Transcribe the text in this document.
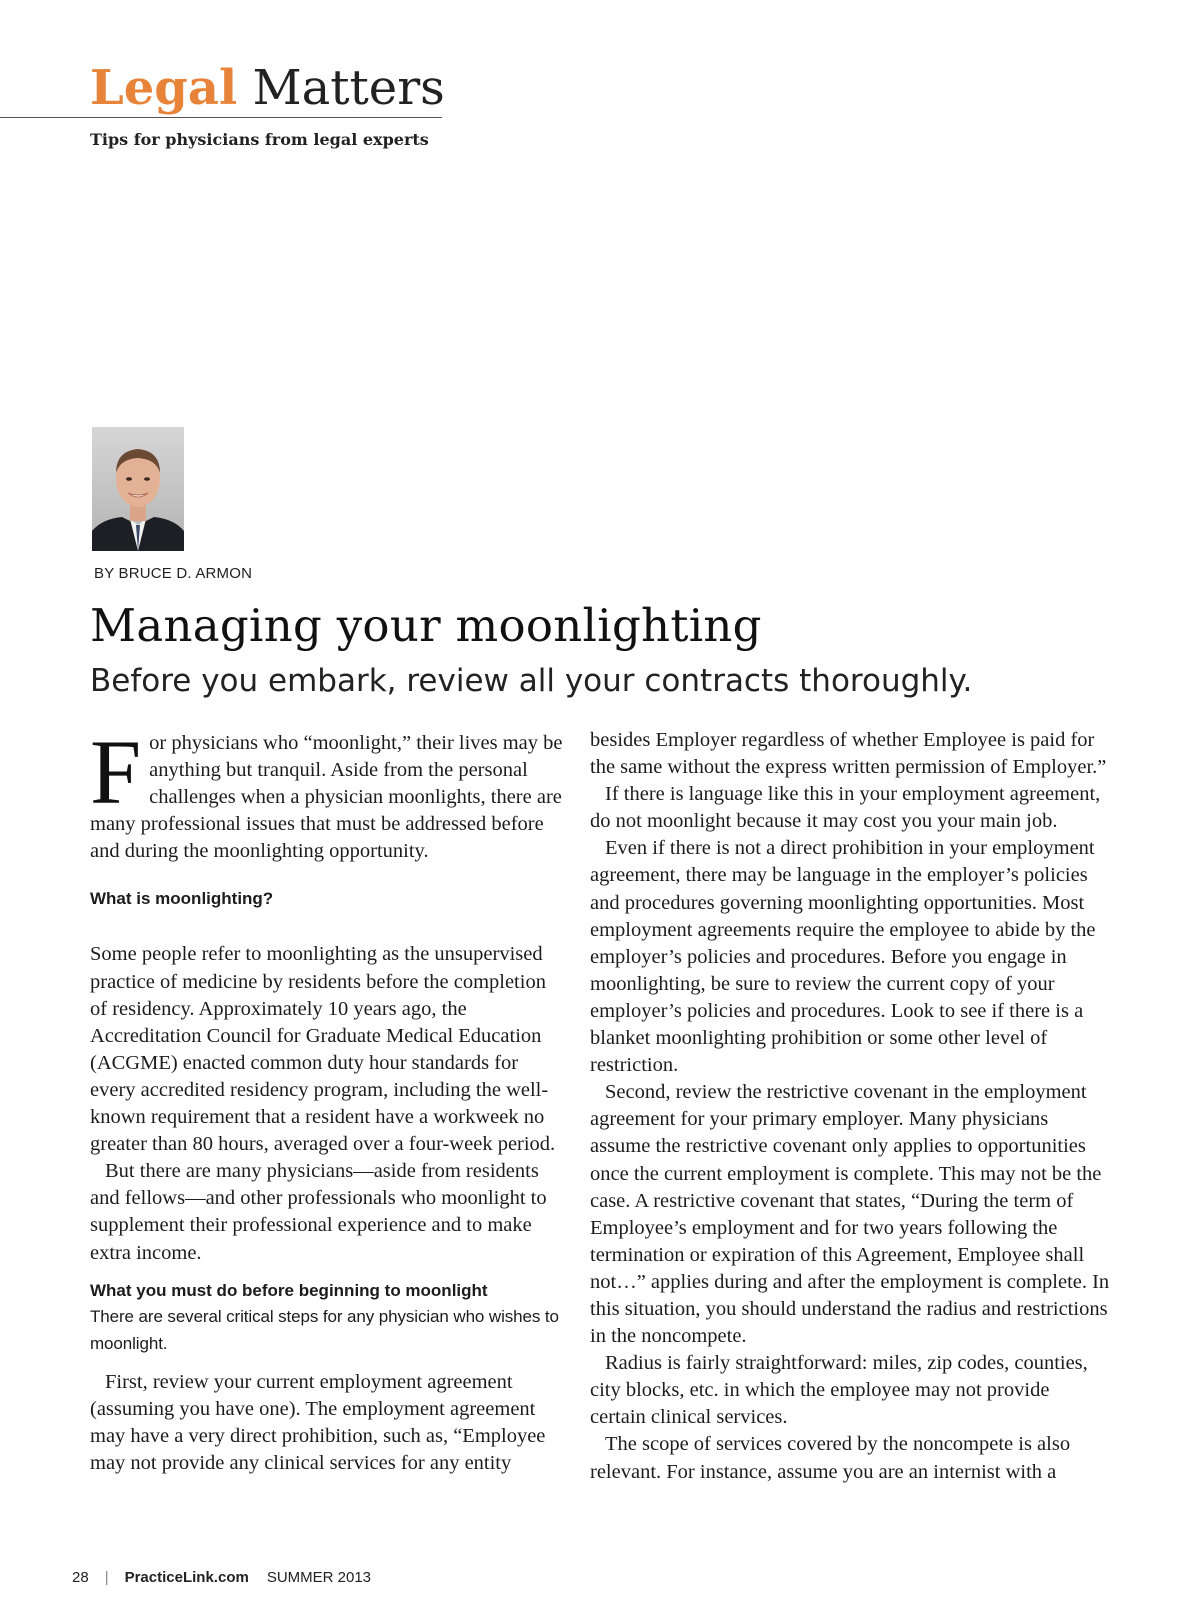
Legal Matters
Tips for physicians from legal experts
BY BRUCE D. ARMON
Managing your moonlighting
Before you embark, review all your contracts thoroughly.

For physicians who “moonlight,” their lives may be anything but tranquil. Aside from the personal challenges when a physician moonlights, there are many professional issues that must be addressed before and during the moonlighting opportunity.

What is moonlighting?

Some people refer to moonlighting as the unsupervised practice of medicine by residents before the completion of residency. Approximately 10 years ago, the Accreditation Council for Graduate Medical Education (ACGME) enacted common duty hour standards for every accredited residency program, including the well-known requirement that a resident have a workweek no greater than 80 hours, averaged over a four-week period.

But there are many physicians—aside from residents and fellows—and other professionals who moonlight to supplement their professional experience and to make extra income.

What you must do before beginning to moonlight

There are several critical steps for any physician who wishes to moonlight.

First, review your current employment agreement (assuming you have one). The employment agreement may have a very direct prohibition, such as, “Employee may not provide any clinical services for any entity

besides Employer regardless of whether Employee is paid for the same without the express written permission of Employer.”

If there is language like this in your employment agreement, do not moonlight because it may cost you your main job.

Even if there is not a direct prohibition in your employment agreement, there may be language in the employer’s policies and procedures governing moonlighting opportunities. Most employment agreements require the employee to abide by the employer’s policies and procedures. Before you engage in moonlighting, be sure to review the current copy of your employer’s policies and procedures. Look to see if there is a blanket moonlighting prohibition or some other level of restriction.

Second, review the restrictive covenant in the employment agreement for your primary employer. Many physicians assume the restrictive covenant only applies to opportunities once the current employment is complete. This may not be the case. A restrictive covenant that states, “During the term of Employee’s employment and for two years following the termination or expiration of this Agreement, Employee shall not…” applies during and after the employment is complete. In this situation, you should understand the radius and restrictions in the noncompete.

Radius is fairly straightforward: miles, zip codes, counties, city blocks, etc. in which the employee may not provide certain clinical services.

The scope of services covered by the noncompete is also relevant. For instance, assume you are an internist with a

28 | PracticeLink.com SUMMER 2013
